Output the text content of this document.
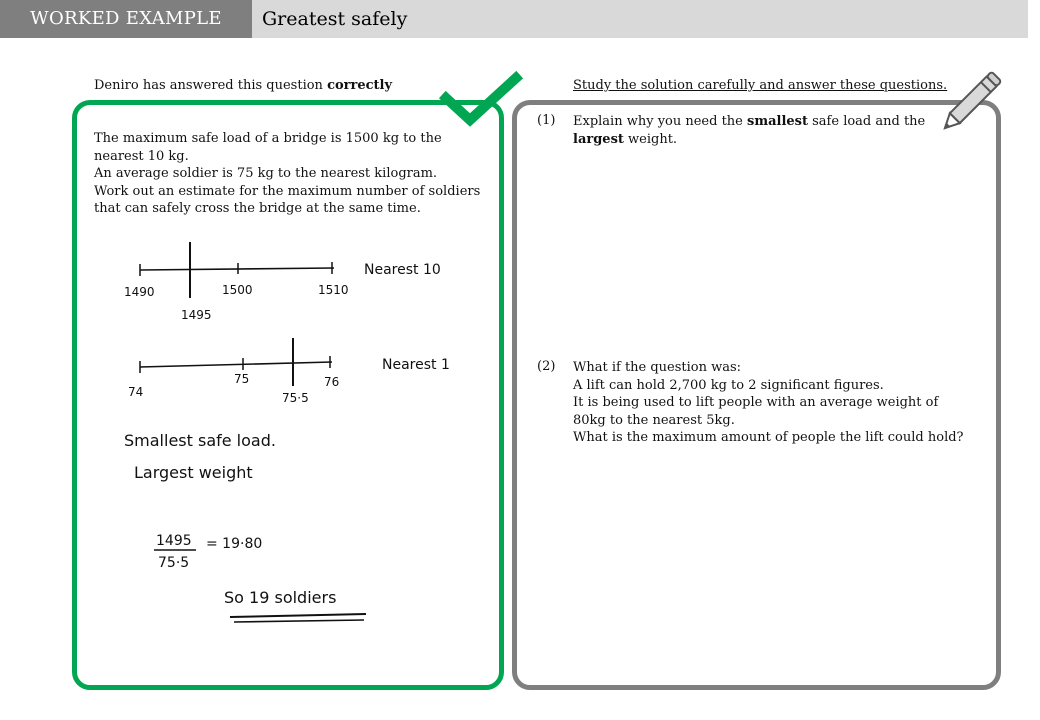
WORKED EXAMPLE	Greatest safely
Deniro has answered this question correctly	Study the solution carefully and answer these questions.

The maximum safe load of a bridge is 1500 kg to the nearest 10 kg.

An average soldier is 75 kg to the nearest kilogram.

Work out an estimate for the maximum number of soldiers that can safely cross the bridge at the same time.

1490	1500	1510
1495
Nearest 10
74
75	76
75·5
Nearest 1
Smallest safe load.
Largest weight
1495
75·5
= 19·80
So 19 soldiers
(1) Explain why you need the smallest safe load and the largest weight.
(2) What if the question was:

A lift can hold 2,700 kg to 2 significant figures.

It is being used to lift people with an average weight of 80kg to the nearest 5kg.

What is the maximum amount of people the lift could hold?
